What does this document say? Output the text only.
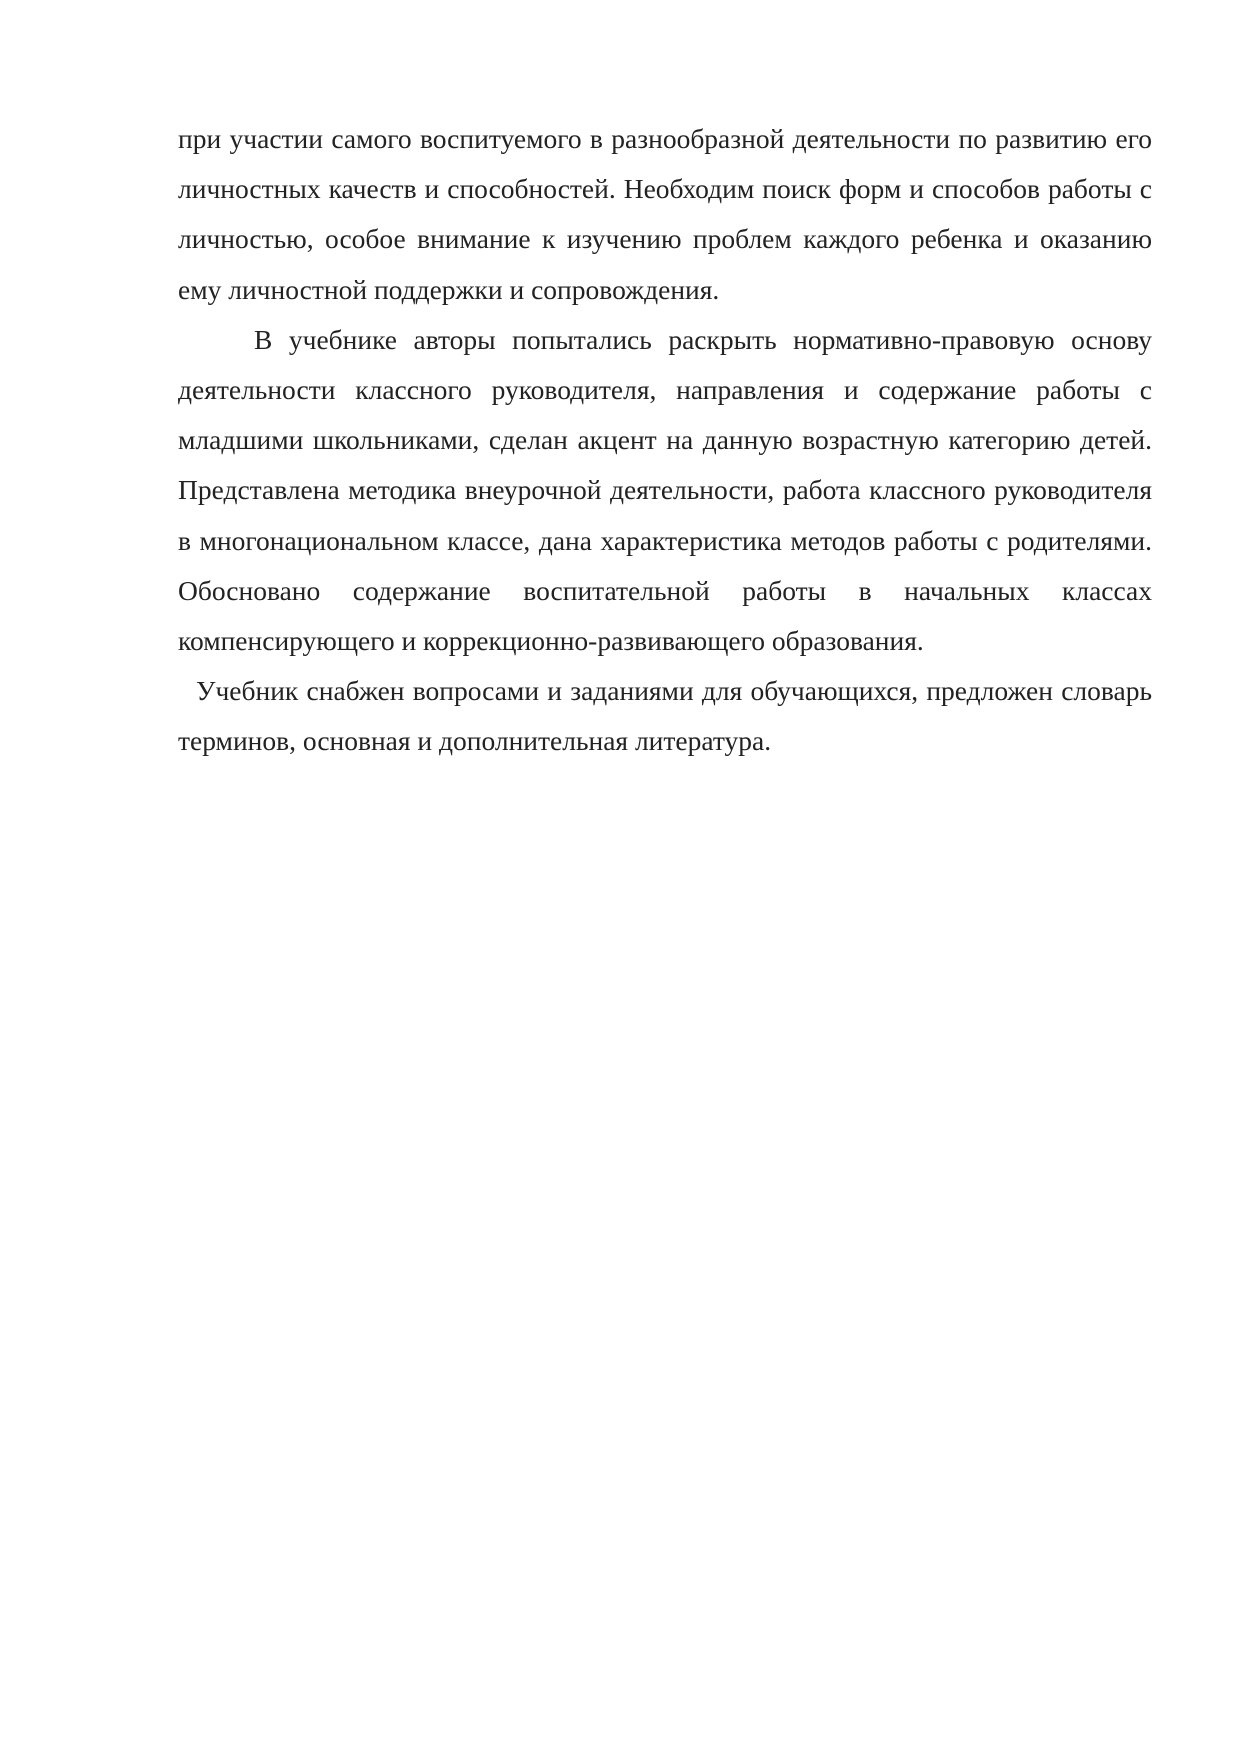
при участии самого воспитуемого в разнообразной деятельности по развитию его личностных качеств и способностей. Необходим поиск форм и способов работы с личностью, особое внимание к изучению проблем каждого ребенка и оказанию ему личностной поддержки и сопровождения.

В учебнике авторы попытались раскрыть нормативно-правовую основу деятельности классного руководителя, направления и содержание работы с младшими школьниками, сделан акцент на данную возрастную категорию детей. Представлена методика внеурочной деятельности, работа классного руководителя в многонациональном классе, дана характеристика методов работы с родителями. Обосновано содержание воспитательной работы в начальных классах компенсирующего и коррекционно-развивающего образования.

Учебник снабжен вопросами и заданиями для обучающихся, предложен словарь терминов, основная и дополнительная литература.
